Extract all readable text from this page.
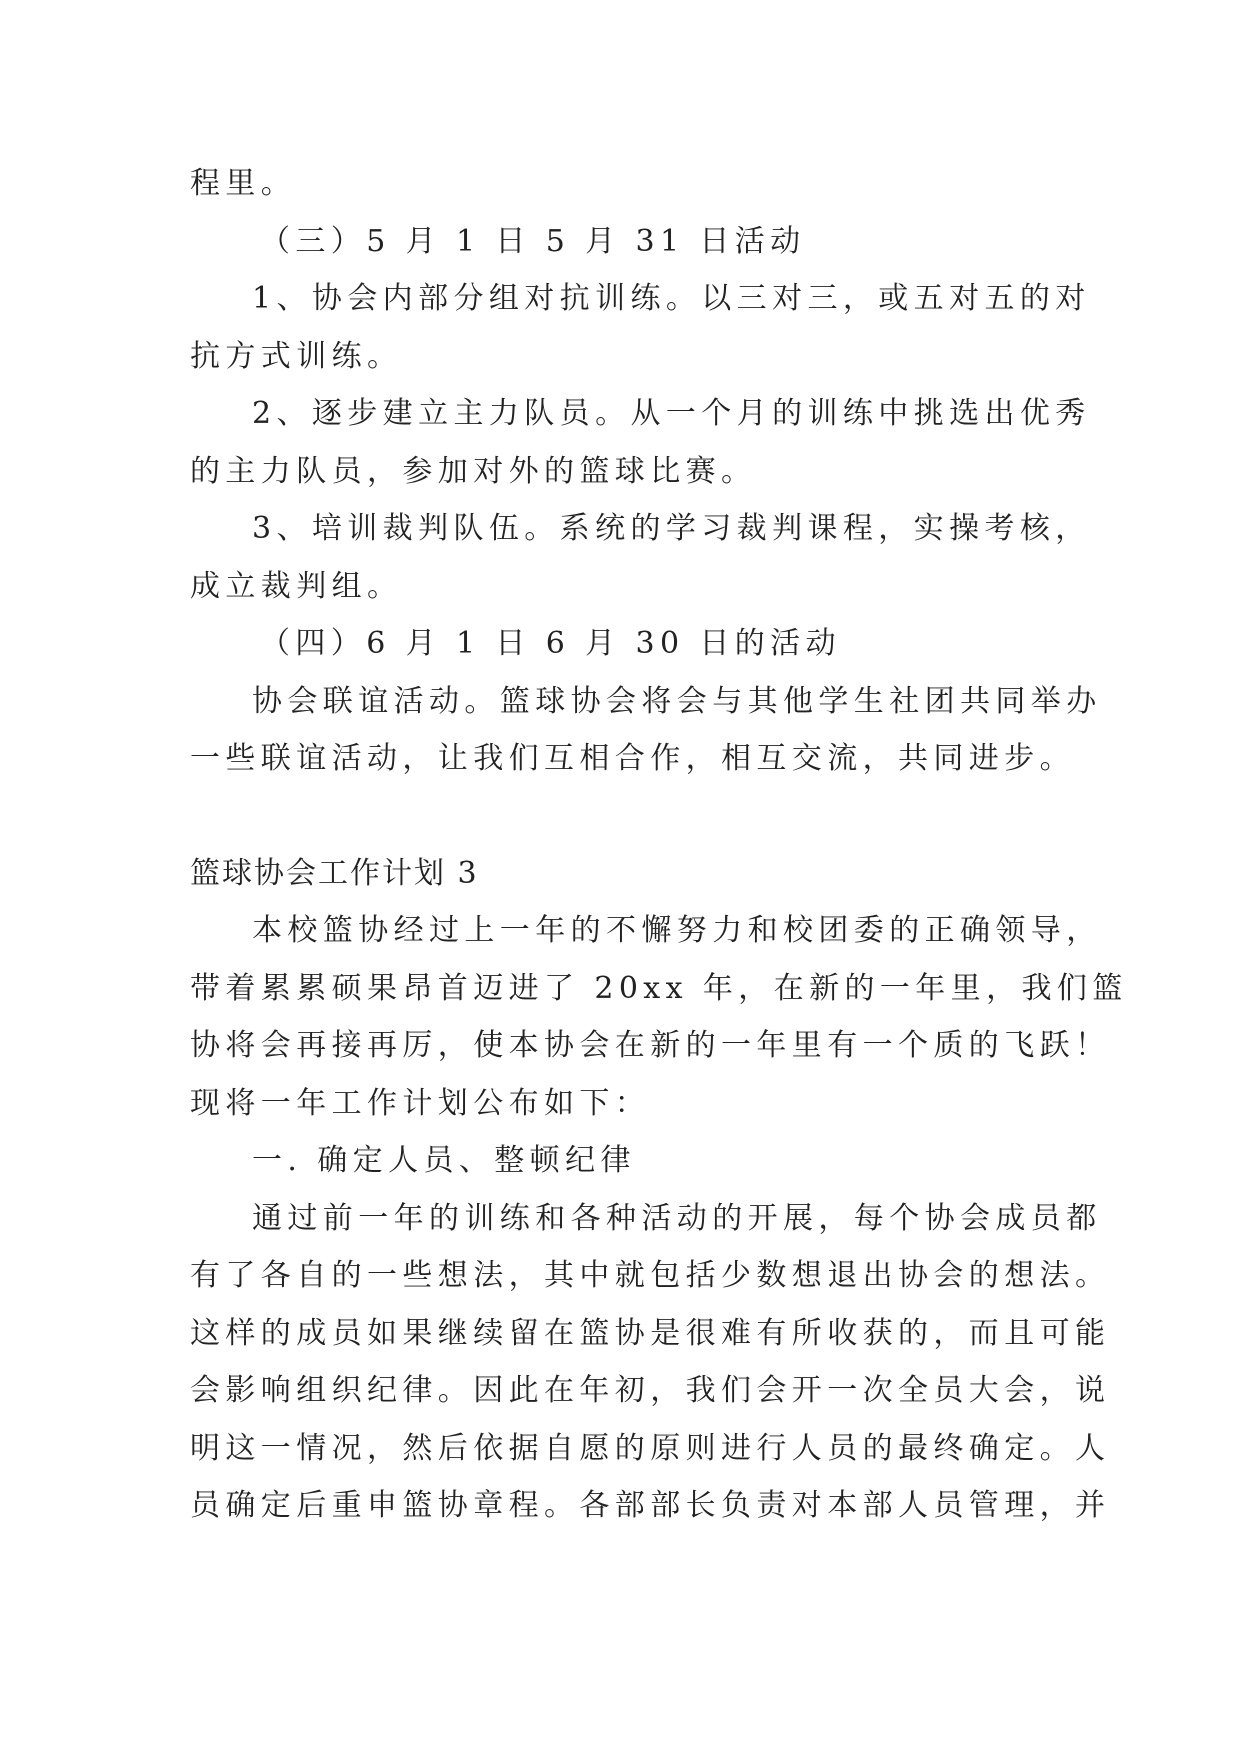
程里。
（三）5 月 1 日 5 月 31 日活动
1、协会内部分组对抗训练。以三对三，或五对五的对
抗方式训练。
2、逐步建立主力队员。从一个月的训练中挑选出优秀
的主力队员，参加对外的篮球比赛。
3、培训裁判队伍。系统的学习裁判课程，实操考核，
成立裁判组。
（四）6 月 1 日 6 月 30 日的活动
协会联谊活动。篮球协会将会与其他学生社团共同举办
一些联谊活动，让我们互相合作，相互交流，共同进步。
篮球协会工作计划 3
本校篮协经过上一年的不懈努力和校团委的正确领导，
带着累累硕果昂首迈进了 20xx 年，在新的一年里，我们篮
协将会再接再厉，使本协会在新的一年里有一个质的飞跃！
现将一年工作计划公布如下：
一. 确定人员、整顿纪律
通过前一年的训练和各种活动的开展，每个协会成员都
有了各自的一些想法，其中就包括少数想退出协会的想法。
这样的成员如果继续留在篮协是很难有所收获的，而且可能
会影响组织纪律。因此在年初，我们会开一次全员大会，说
明这一情况，然后依据自愿的原则进行人员的最终确定。人
员确定后重申篮协章程。各部部长负责对本部人员管理，并
